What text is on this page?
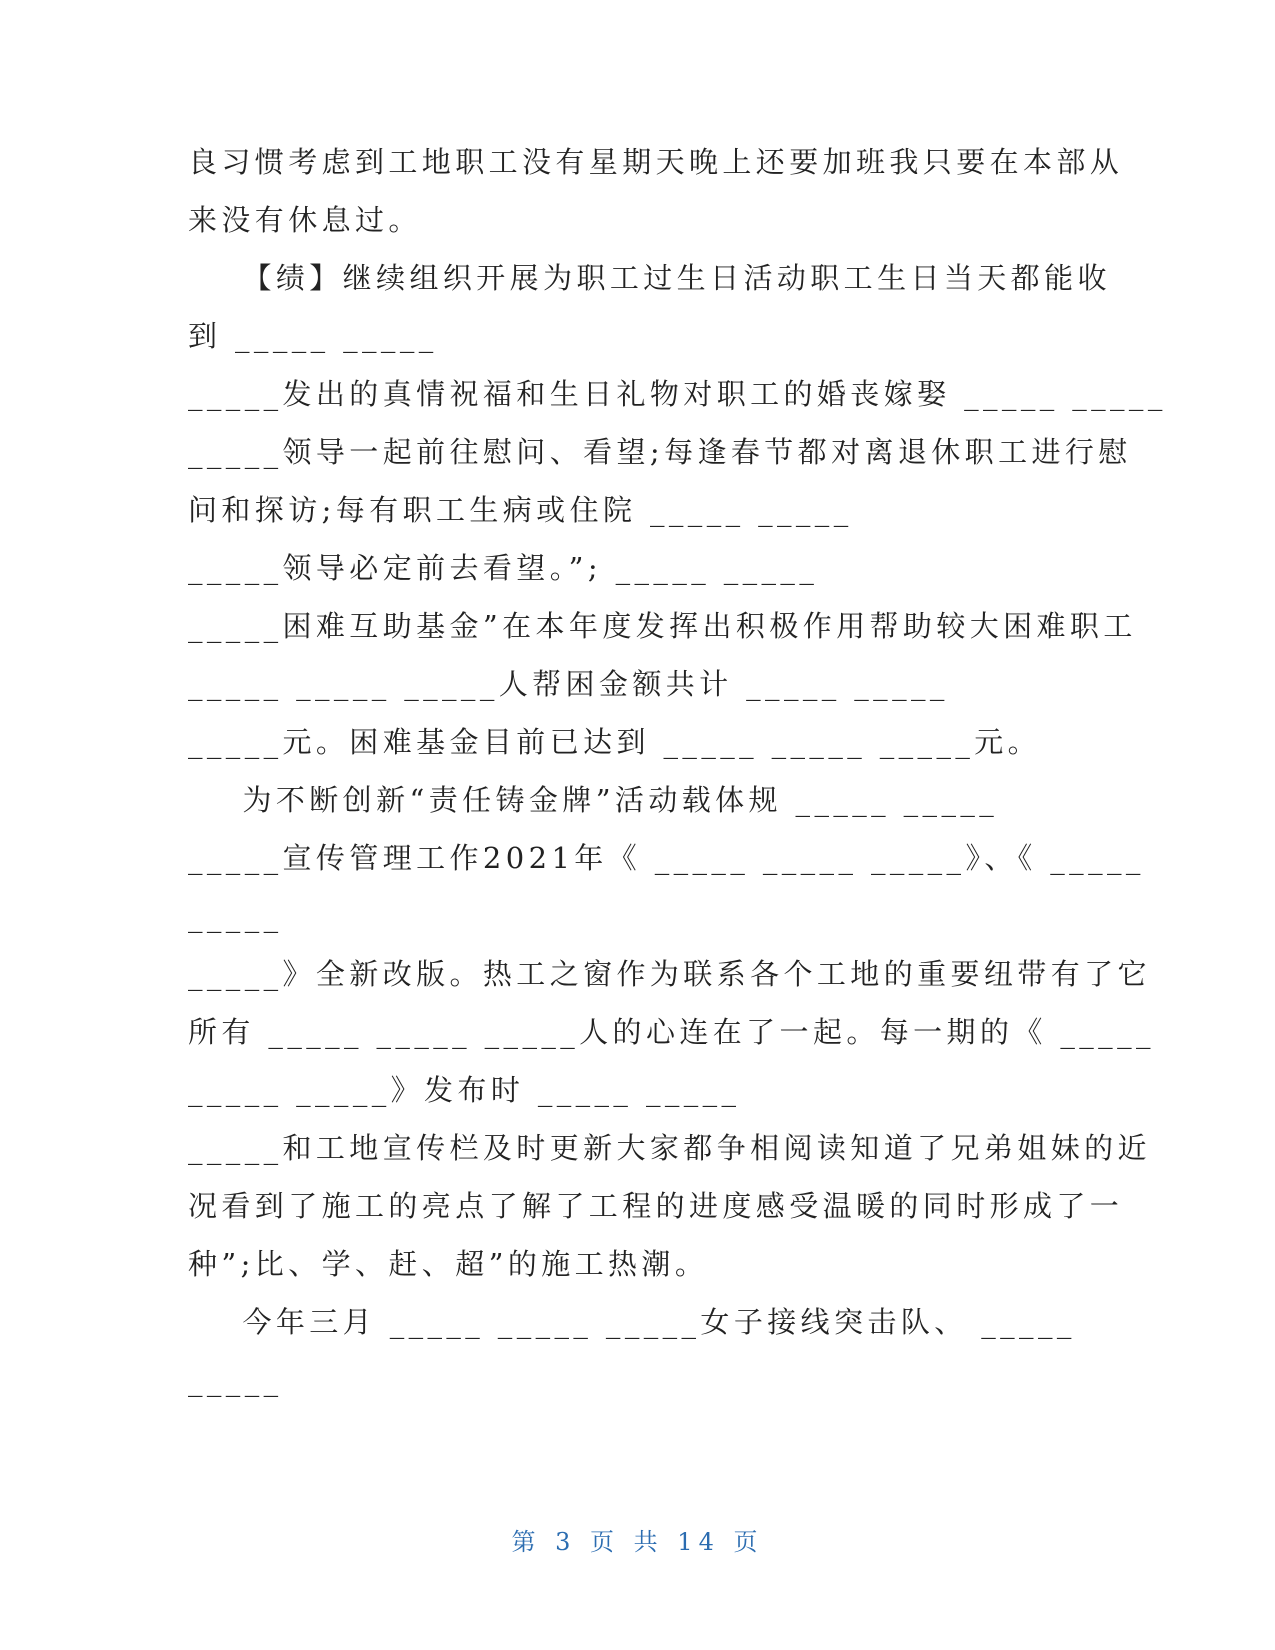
良习惯考虑到工地职工没有星期天晚上还要加班我只要在本部从
来没有休息过。
【绩】继续组织开展为职工过生日活动职工生日当天都能收
到 _____ _____
_____发出的真情祝福和生日礼物对职工的婚丧嫁娶 _____ _____
_____领导一起前往慰问、看望;每逢春节都对离退休职工进行慰
问和探访;每有职工生病或住院 _____ _____
_____领导必定前去看望。”; _____ _____
_____困难互助基金”在本年度发挥出积极作用帮助较大困难职工
_____ _____ _____人帮困金额共计 _____ _____
_____元。困难基金目前已达到 _____ _____ _____元。
为不断创新“责任铸金牌”活动载体规 _____ _____
_____宣传管理工作2021年《 _____ _____ _____》、《 _____
_____
_____》全新改版。热工之窗作为联系各个工地的重要纽带有了它
所有 _____ _____ _____人的心连在了一起。每一期的《 _____
_____ _____》发布时 _____ _____
_____和工地宣传栏及时更新大家都争相阅读知道了兄弟姐妹的近
况看到了施工的亮点了解了工程的进度感受温暖的同时形成了一
种”;比、学、赶、超”的施工热潮。
今年三月 _____ _____ _____女子接线突击队、 _____
_____
第 3 页 共 14 页
